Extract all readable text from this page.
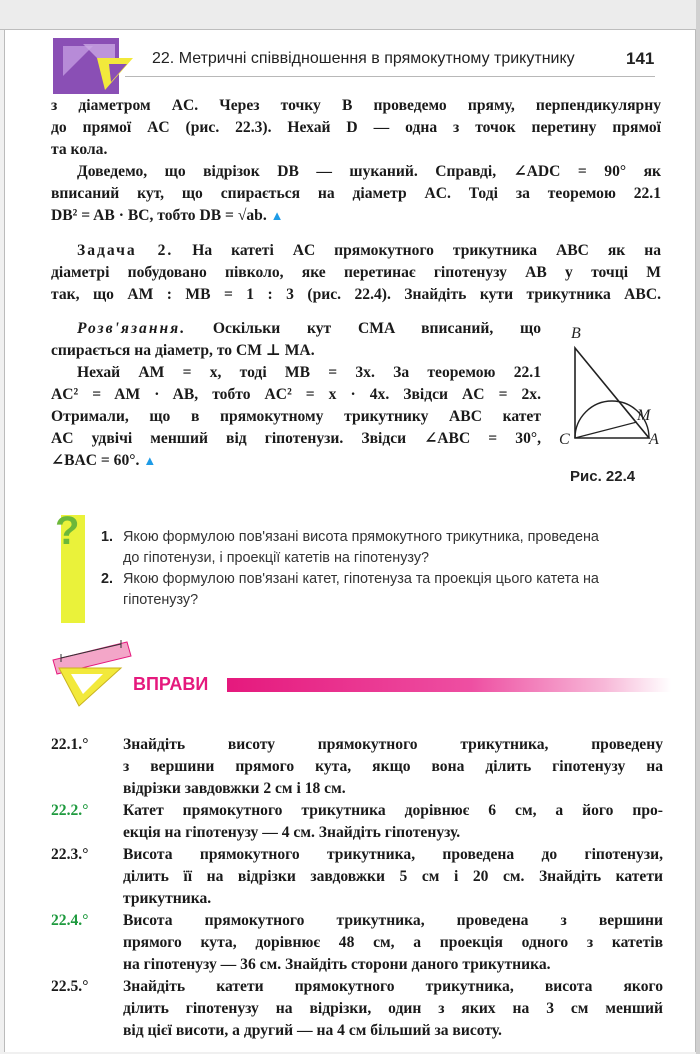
22. Метричні співвідношення в прямокутному трикутнику	141
з діаметром AC. Через точку B проведемо пряму, перпендикулярну
до прямої AC (рис. 22.3). Нехай D — одна з точок перетину прямої
та кола.
Доведемо, що відрізок DB — шуканий. Справді, ∠ADC = 90° як
вписаний кут, що спирається на діаметр AC. Тоді за теоремою 22.1
DB² = AB · BC, тобто DB = √ab. ▲
Задача 2. На катеті AC прямокутного трикутника ABC як на
діаметрі побудовано півколо, яке перетинає гіпотенузу AB у точці M
так, що AM : MB = 1 : 3 (рис. 22.4). Знайдіть кути трикутника ABC.
Розв'язання. Оскільки кут CMA вписаний, що
спирається на діаметр, то CM ⊥ MA.
Нехай AM = x, тоді MB = 3x. За теоремою 22.1
AC² = AM · AB, тобто AC² = x · 4x. Звідси AC = 2x.
Отримали, що в прямокутному трикутнику ABC катет
AC удвічі менший від гіпотенузи. Звідси ∠ABC = 30°,
∠BAC = 60°. ▲
B
M
C	A
Рис. 22.4
? 1. Якою формулою пов'язані висота прямокутного трикутника, проведена
до гіпотенузи, і проекції катетів на гіпотенузу?
2. Якою формулою пов'язані катет, гіпотенуза та проекція цього катета на
гіпотенузу?
ВПРАВИ
22.1.° Знайдіть висоту прямокутного трикутника, проведену
з вершини прямого кута, якщо вона ділить гіпотенузу на
відрізки завдовжки 2 см і 18 см.
22.2.° Катет прямокутного трикутника дорівнює 6 см, а його про-
екція на гіпотенузу — 4 см. Знайдіть гіпотенузу.
22.3.° Висота прямокутного трикутника, проведена до гіпотенузи,
ділить її на відрізки завдовжки 5 см і 20 см. Знайдіть катети
трикутника.
22.4.° Висота прямокутного трикутника, проведена з вершини
прямого кута, дорівнює 48 см, а проекція одного з катетів
на гіпотенузу — 36 см. Знайдіть сторони даного трикутника.
22.5.° Знайдіть катети прямокутного трикутника, висота якого
ділить гіпотенузу на відрізки, один з яких на 3 см менший
від цієї висоти, а другий — на 4 см більший за висоту.
